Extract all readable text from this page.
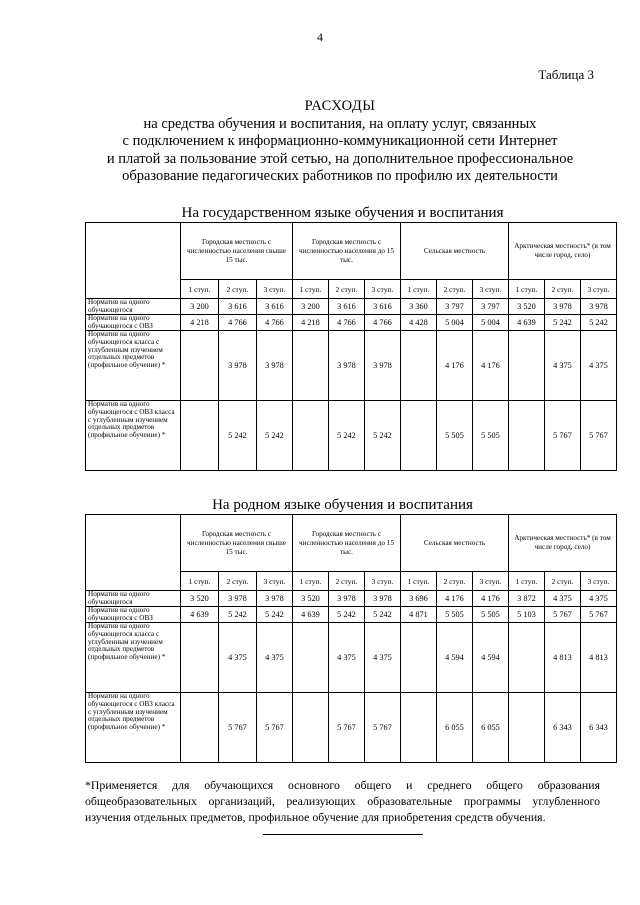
4
Таблица 3
РАСХОДЫ
на средства обучения и воспитания, на оплату услуг, связанных
с подключением к информационно-коммуникационной сети Интернет
и платой за пользование этой сетью, на дополнительное профессиональное
образование педагогических работников по профилю их деятельности
На государственном языке обучения и воспитания
	Городская местность с численностью населения свыше 15 тыс.			Городская местность с численностью населения до 15 тыс.			Сельская местность			Арктическая местность* (в том числе город, село)		
	1 ступ.	2 ступ.	3 ступ.	1 ступ.	2 ступ.	3 ступ.	1 ступ.	2 ступ.	3 ступ.	1 ступ.	2 ступ.	3 ступ.
Норматив на одного обучающегося	3 200	3 616	3 616	3 200	3 616	3 616	3 360	3 797	3 797	3 520	3 978	3 978
Норматив на одного обучающегося с ОВЗ	4 218	4 766	4 766	4 218	4 766	4 766	4 428	5 004	5 004	4 639	5 242	5 242
Норматив на одного обучающегося класса с углубленным изучением отдельных предметов (профильное обучение) *		3 978	3 978		3 978	3 978		4 176	4 176		4 375	4 375
Норматив на одного обучающегося с ОВЗ класса с углубленным изучением отдельных предметов (профильное обучение) *		5 242	5 242		5 242	5 242		5 505	5 505		5 767	5 767
На родном языке обучения и воспитания
	Городская местность с численностью населения свыше 15 тыс.			Городская местность с численностью населения до 15 тыс.			Сельская местность			Арктическая местность* (в том числе город, село)		
	1 ступ.	2 ступ.	3 ступ.	1 ступ.	2 ступ.	3 ступ.	1 ступ.	2 ступ.	3 ступ.	1 ступ.	2 ступ.	3 ступ.
Норматив на одного обучающегося	3 520	3 978	3 978	3 520	3 978	3 978	3 696	4 176	4 176	3 872	4 375	4 375
Норматив на одного обучающегося с ОВЗ	4 639	5 242	5 242	4 639	5 242	5 242	4 871	5 505	5 505	5 103	5 767	5 767
Норматив на одного обучающегося класса с углубленным изучением отдельных предметов (профильное обучение) *		4 375	4 375		4 375	4 375		4 594	4 594		4 813	4 813
Норматив на одного обучающегося с ОВЗ класса с углубленным изучением отдельных предметов (профильное обучение) *		5 767	5 767		5 767	5 767		6 055	6 055		6 343	6 343
*Применяется для обучающихся основного общего и среднего общего образования общеобразовательных организаций, реализующих образовательные программы углубленного изучения отдельных предметов, профильное обучение для приобретения средств обучения.
